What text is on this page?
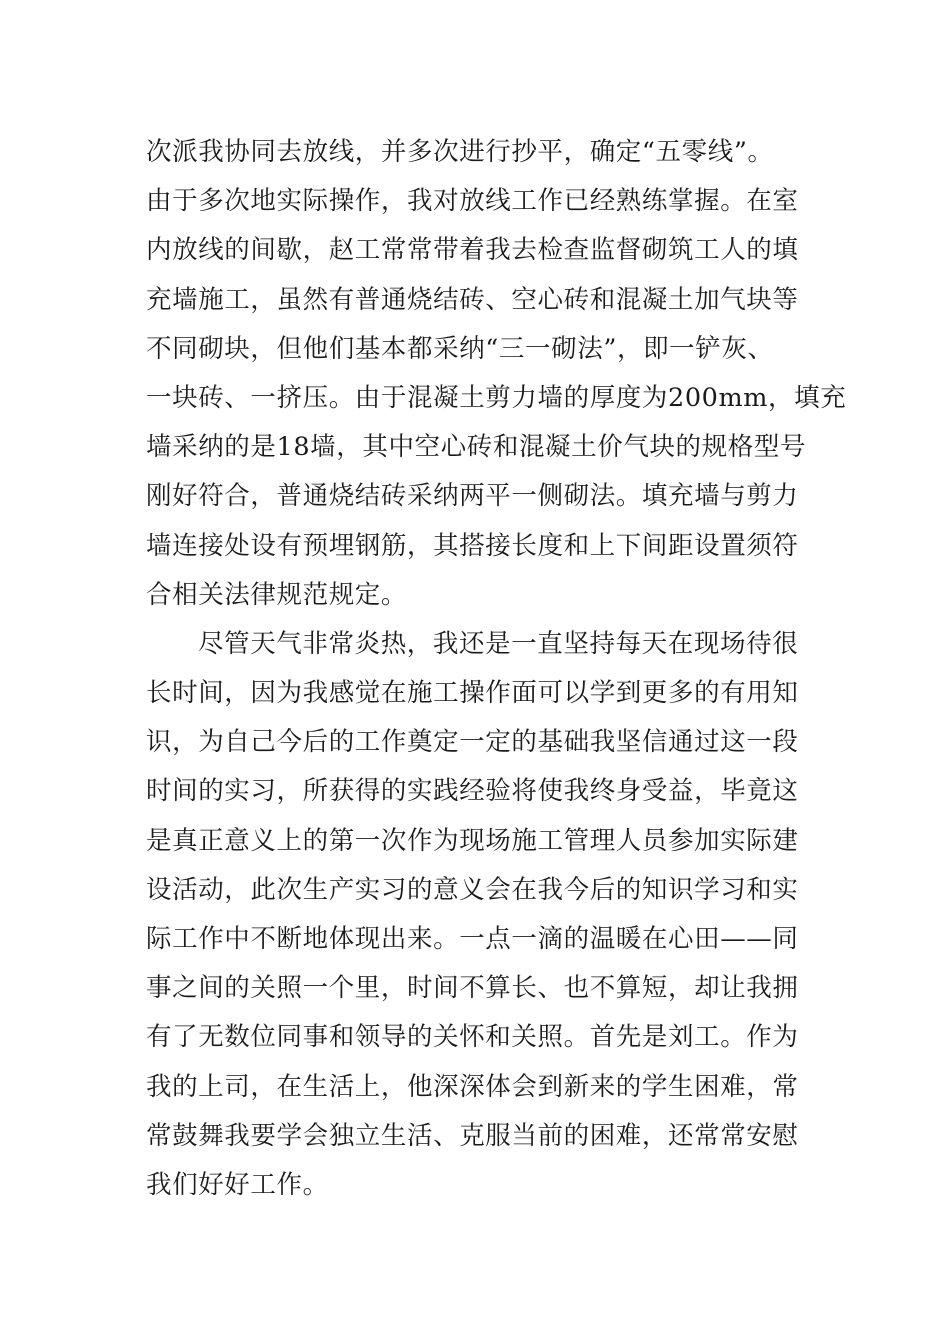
次派我协同去放线，并多次进行抄平，确定“五零线”。
由于多次地实际操作，我对放线工作已经熟练掌握。在室
内放线的间歇，赵工常常带着我去检查监督砌筑工人的填
充墙施工，虽然有普通烧结砖、空心砖和混凝土加气块等
不同砌块，但他们基本都采纳“三一砌法”，即一铲灰、
一块砖、一挤压。由于混凝土剪力墙的厚度为200mm，填充
墙采纳的是18墙，其中空心砖和混凝土价气块的规格型号
刚好符合，普通烧结砖采纳两平一侧砌法。填充墙与剪力
墙连接处设有预埋钢筋，其搭接长度和上下间距设置须符
合相关法律规范规定。
尽管天气非常炎热，我还是一直坚持每天在现场待很
长时间，因为我感觉在施工操作面可以学到更多的有用知
识，为自己今后的工作奠定一定的基础我坚信通过这一段
时间的实习，所获得的实践经验将使我终身受益，毕竟这
是真正意义上的第一次作为现场施工管理人员参加实际建
设活动，此次生产实习的意义会在我今后的知识学习和实
际工作中不断地体现出来。一点一滴的温暖在心田——同
事之间的关照一个里，时间不算长、也不算短，却让我拥
有了无数位同事和领导的关怀和关照。首先是刘工。作为
我的上司，在生活上，他深深体会到新来的学生困难，常
常鼓舞我要学会独立生活、克服当前的困难，还常常安慰
我们好好工作。
